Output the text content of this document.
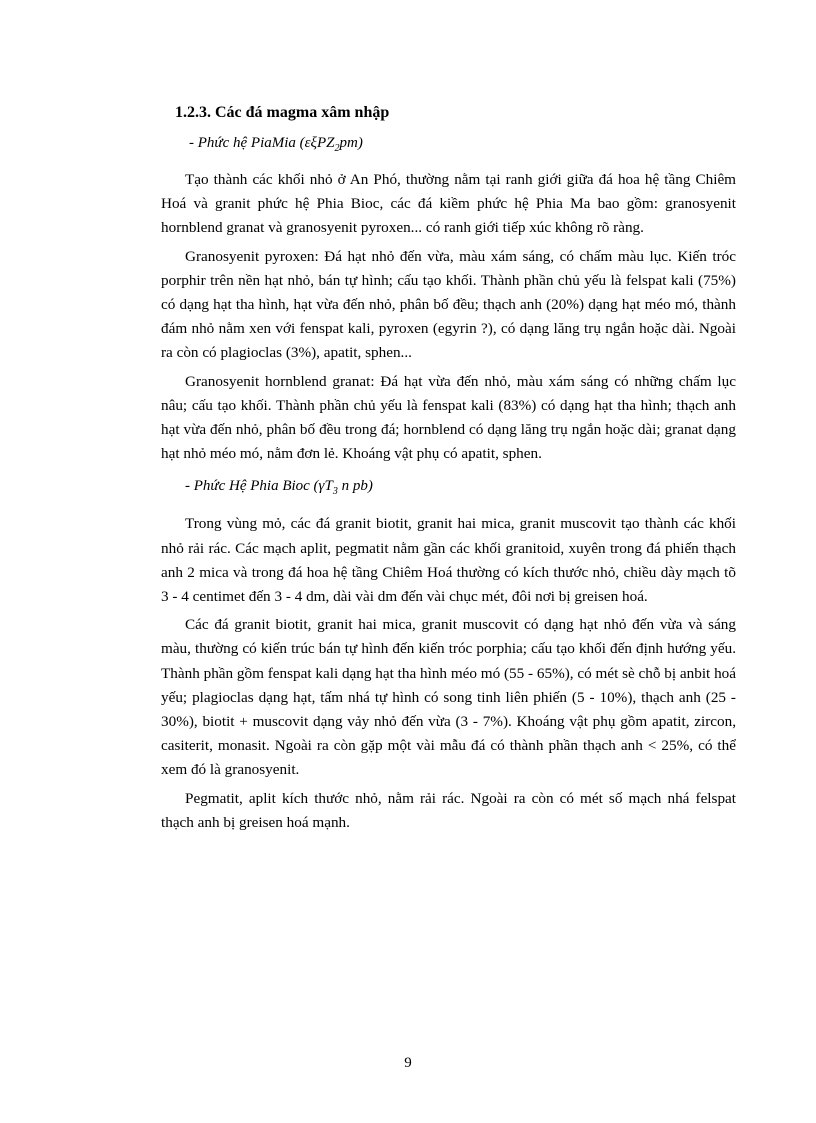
1.2.3. Các đá magma xâm nhập
- Phức hệ PiaMia (εξPZ$_2$pm)

Tạo thành các khối nhỏ ở An Phó, thường nằm tại ranh giới giữa đá hoa hệ tầng Chiêm Hoá và granit phức hệ Phia Bioc, các đá kiềm phức hệ Phia Ma bao gồm: granosyenit hornblend granat và granosyenit pyroxen... có ranh giới tiếp xúc không rõ ràng.

Granosyenit pyroxen: Đá hạt nhỏ đến vừa, màu xám sáng, có chấm màu lục. Kiến tróc porphir trên nền hạt nhỏ, bán tự hình; cấu tạo khối. Thành phần chủ yếu là felspat kali (75%) có dạng hạt tha hình, hạt vừa đến nhỏ, phân bố đều; thạch anh (20%) dạng hạt méo mó, thành đám nhỏ nằm xen với fenspat kali, pyroxen (egyrin ?), có dạng lăng trụ ngắn hoặc dài. Ngoài ra còn có plagioclas (3%), apatit, sphen...

Granosyenit hornblend granat: Đá hạt vừa đến nhỏ, màu xám sáng có những chấm lục nâu; cấu tạo khối. Thành phần chủ yếu là fenspat kali (83%) có dạng hạt tha hình; thạch anh hạt vừa đến nhỏ, phân bố đều trong đá; hornblend có dạng lăng trụ ngắn hoặc dài; granat dạng hạt nhỏ méo mó, nằm đơn lẻ. Khoáng vật phụ có apatit, sphen.

- Phức Hệ Phia Bioc ($\gamma T_3$ n pb)

Trong vùng mỏ, các đá granit biotit, granit hai mica, granit muscovit tạo thành các khối nhỏ rải rác. Các mạch aplit, pegmatit nằm gần các khối granitoid, xuyên trong đá phiến thạch anh 2 mica và trong đá hoa hệ tầng Chiêm Hoá thường có kích thước nhỏ, chiều dày mạch tõ 3 - 4 centimet đến 3 - 4 dm, dài vài dm đến vài chục mét, đôi nơi bị greisen hoá.

Các đá granit biotit, granit hai mica, granit muscovit có dạng hạt nhỏ đến vừa và sáng màu, thường có kiến trúc bán tự hình đến kiến tróc porphia; cấu tạo khối đến định hướng yếu. Thành phần gồm fenspat kali dạng hạt tha hình méo mó (55 - 65%), có mét sè chỗ bị anbit hoá yếu; plagioclas dạng hạt, tấm nhá tự hình có song tinh liên phiến (5 - 10%), thạch anh (25 - 30%), biotit + muscovit dạng vảy nhỏ đến vừa (3 - 7%). Khoáng vật phụ gồm apatit, zircon, casiterit, monasit. Ngoài ra còn gặp một vài mẫu đá có thành phần thạch anh < 25%, có thể xem đó là granosyenit.

Pegmatit, aplit kích thước nhỏ, nằm rải rác. Ngoài ra còn có mét số mạch nhá felspat thạch anh bị greisen hoá mạnh.

9
